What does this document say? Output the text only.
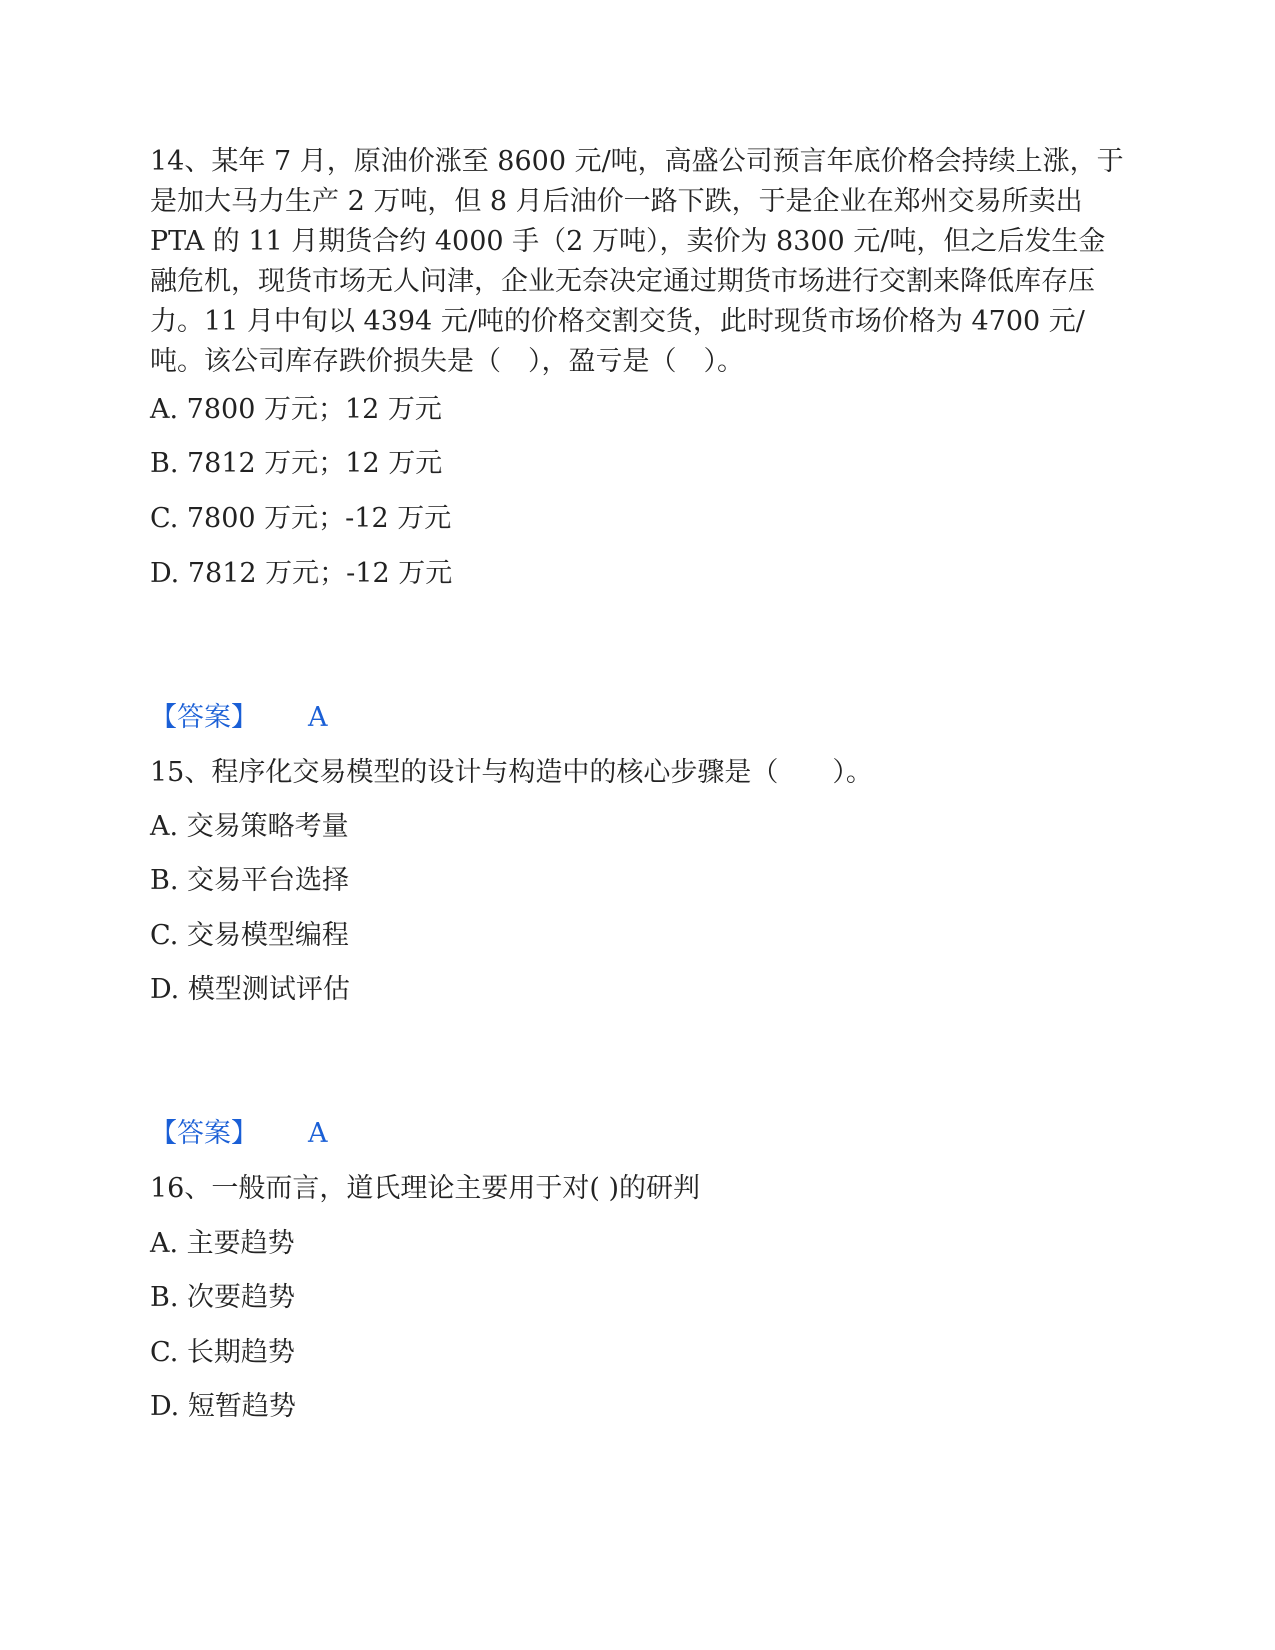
14、某年 7 月，原油价涨至 8600 元/吨，高盛公司预言年底价格会持续上涨，于是加大马力生产 2 万吨，但 8 月后油价一路下跌，于是企业在郑州交易所卖出 PTA 的 11 月期货合约 4000 手（2 万吨），卖价为 8300 元/吨，但之后发生金融危机，现货市场无人问津，企业无奈决定通过期货市场进行交割来降低库存压力。11 月中旬以 4394 元/吨的价格交割交货，此时现货市场价格为 4700 元/吨。该公司库存跌价损失是（　），盈亏是（　）。

A. 7800 万元；12 万元

B. 7812 万元；12 万元

C. 7800 万元；-12 万元

D. 7812 万元；-12 万元

【答案】 A

15、程序化交易模型的设计与构造中的核心步骤是（　　）。

A. 交易策略考量

B. 交易平台选择

C. 交易模型编程

D. 模型测试评估

【答案】 A

16、一般而言，道氏理论主要用于对( )的研判

A. 主要趋势

B. 次要趋势

C. 长期趋势

D. 短暂趋势
